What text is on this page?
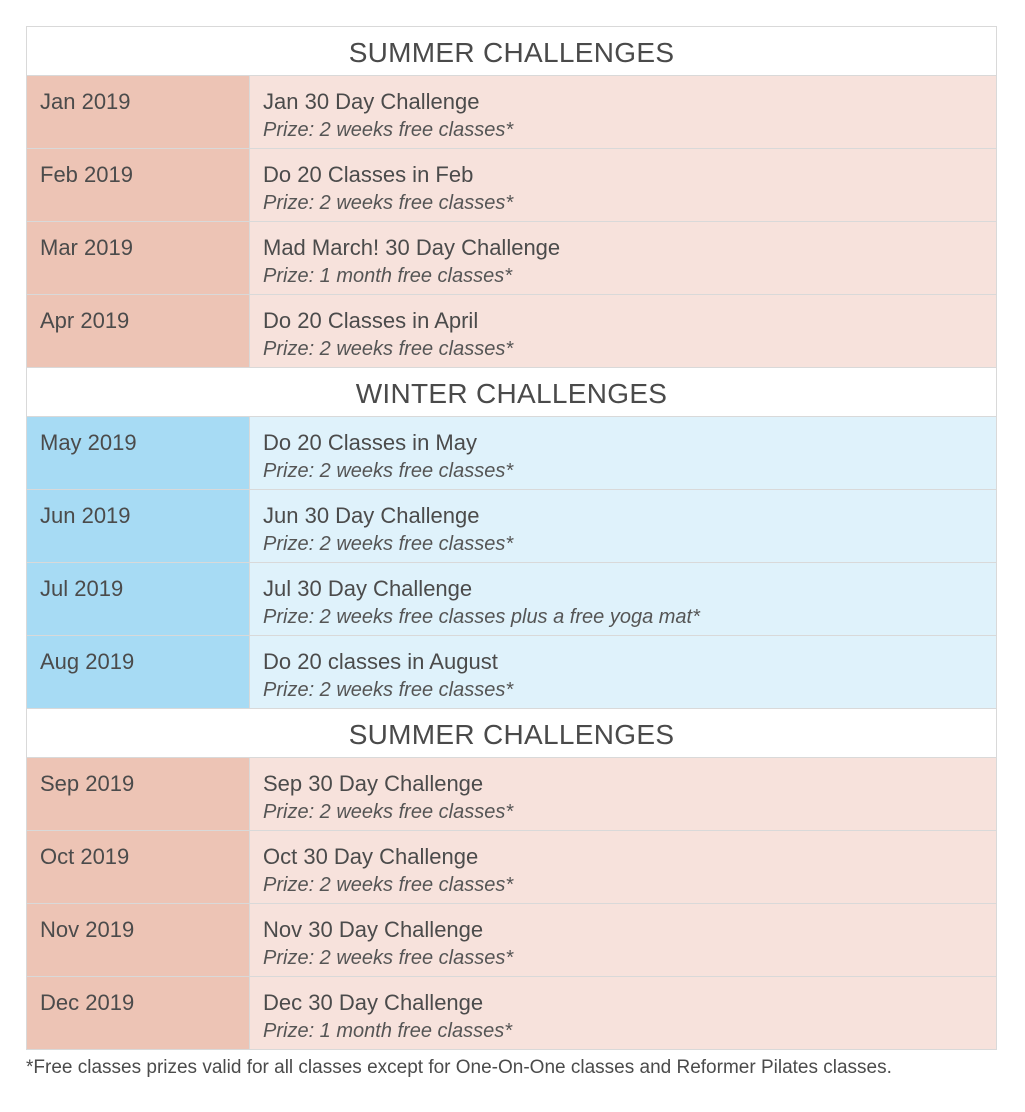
SUMMER CHALLENGES
Jan 2019	Jan 30 Day Challenge
Prize: 2 weeks free classes*
Feb 2019	Do 20 Classes in Feb
Prize: 2 weeks free classes*
Mar 2019	Mad March! 30 Day Challenge
Prize: 1 month free classes*
Apr 2019	Do 20 Classes in April
Prize: 2 weeks free classes*
WINTER CHALLENGES
May 2019	Do 20 Classes in May
Prize: 2 weeks free classes*
Jun 2019	Jun 30 Day Challenge
Prize: 2 weeks free classes*
Jul 2019	Jul 30 Day Challenge
Prize: 2 weeks free classes plus a free yoga mat*
Aug 2019	Do 20 classes in August
Prize: 2 weeks free classes*
SUMMER CHALLENGES
Sep 2019	Sep 30 Day Challenge
Prize: 2 weeks free classes*
Oct 2019	Oct 30 Day Challenge
Prize: 2 weeks free classes*
Nov 2019	Nov 30 Day Challenge
Prize: 2 weeks free classes*
Dec 2019	Dec 30 Day Challenge
Prize: 1 month free classes*
*Free classes prizes valid for all classes except for One-On-One classes and Reformer Pilates classes.
